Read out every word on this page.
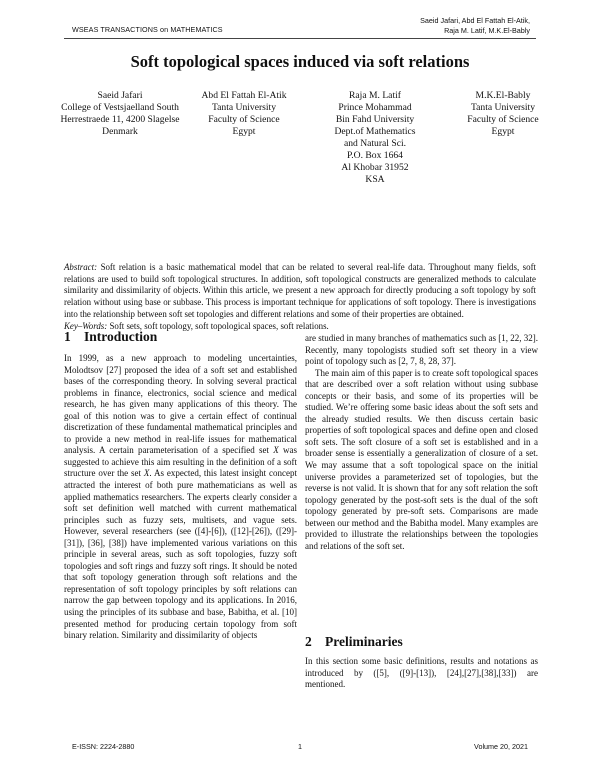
WSEAS TRANSACTIONS on MATHEMATICS
Saeid Jafari, Abd El Fattah El-Atik,
Raja M. Latif, M.K.El-Bably
Soft topological spaces induced via soft relations
Saeid Jafari
College of Vestsjaelland South
Herrestraede 11, 4200 Slagelse
Denmark
Abd El Fattah El-Atik
Tanta University
Faculty of Science
Egypt
Raja M. Latif
Prince Mohammad
Bin Fahd University
Dept.of Mathematics
and Natural Sci.
P.O. Box 1664
Al Khobar 31952
KSA
M.K.El-Bably
Tanta University
Faculty of Science
Egypt
Abstract: Soft relation is a basic mathematical model that can be related to several real-life data. Throughout many fields, soft relations are used to build soft topological structures. In addition, soft topological constructs are generalized methods to calculate similarity and dissimilarity of objects. Within this article, we present a new approach for directly producing a soft topology by soft relation without using base or subbase. This process is important technique for applications of soft topology. There is investigations into the relationship between soft set topologies and different relations and some of their properties are obtained.
Key–Words: Soft sets, soft topology, soft topological spaces, soft relations.
1 Introduction

In 1999, as a new approach to modeling uncertainties, Molodtsov [27] proposed the idea of a soft set and established bases of the corresponding theory. In solving several practical problems in finance, electronics, social science and medical research, he has given many applications of this theory. The goal of this notion was to give a certain effect of continual discretization of these fundamental mathematical principles and to provide a new method in real-life issues for mathematical analysis. A certain parameterisation of a specified set X was suggested to achieve this aim resulting in the definition of a soft structure over the set X. As expected, this latest insight concept attracted the interest of both pure mathematicians as well as applied mathematics researchers. The experts clearly consider a soft set definition well matched with current mathematical principles such as fuzzy sets, multisets, and vague sets. However, several researchers (see ([4]-[6]), ([12]-[26]), ([29]-[31]), [36], [38]) have implemented various variations on this principle in several areas, such as soft topologies, fuzzy soft topologies and soft rings and fuzzy soft rings. It should be noted that soft topology generation through soft relations and the representation of soft topology principles by soft relations can narrow the gap between topology and its applications. In 2016, using the principles of its subbase and base, Babitha, et al. [10] presented method for producing certain topology from soft binary relation. Similarity and dissimilarity of objects

are studied in many branches of mathematics such as [1, 22, 32]. Recently, many topologists studied soft set theory in a view point of topology such as [2, 7, 8, 28, 37].

The main aim of this paper is to create soft topological spaces that are described over a soft relation without using subbase concepts or their basis, and some of its properties will be studied. We’re offering some basic ideas about the soft sets and the already studied results. We then discuss certain basic properties of soft topological spaces and define open and closed soft sets. The soft closure of a soft set is established and in a broader sense is essentially a generalization of closure of a set. We may assume that a soft topological space on the initial universe provides a parameterized set of topologies, but the reverse is not valid. It is shown that for any soft relation the soft topology generated by the post-soft sets is the dual of the soft topology generated by pre-soft sets. Comparisons are made between our method and the Babitha model. Many examples are provided to illustrate the relationships between the topologies and relations of the soft set.

2 Preliminaries

In this section some basic definitions, results and notations as introduced by ([5], ([9]-[13]), [24],[27],[38],[33]) are mentioned.

E-ISSN: 2224-2880	1	Volume 20, 2021
